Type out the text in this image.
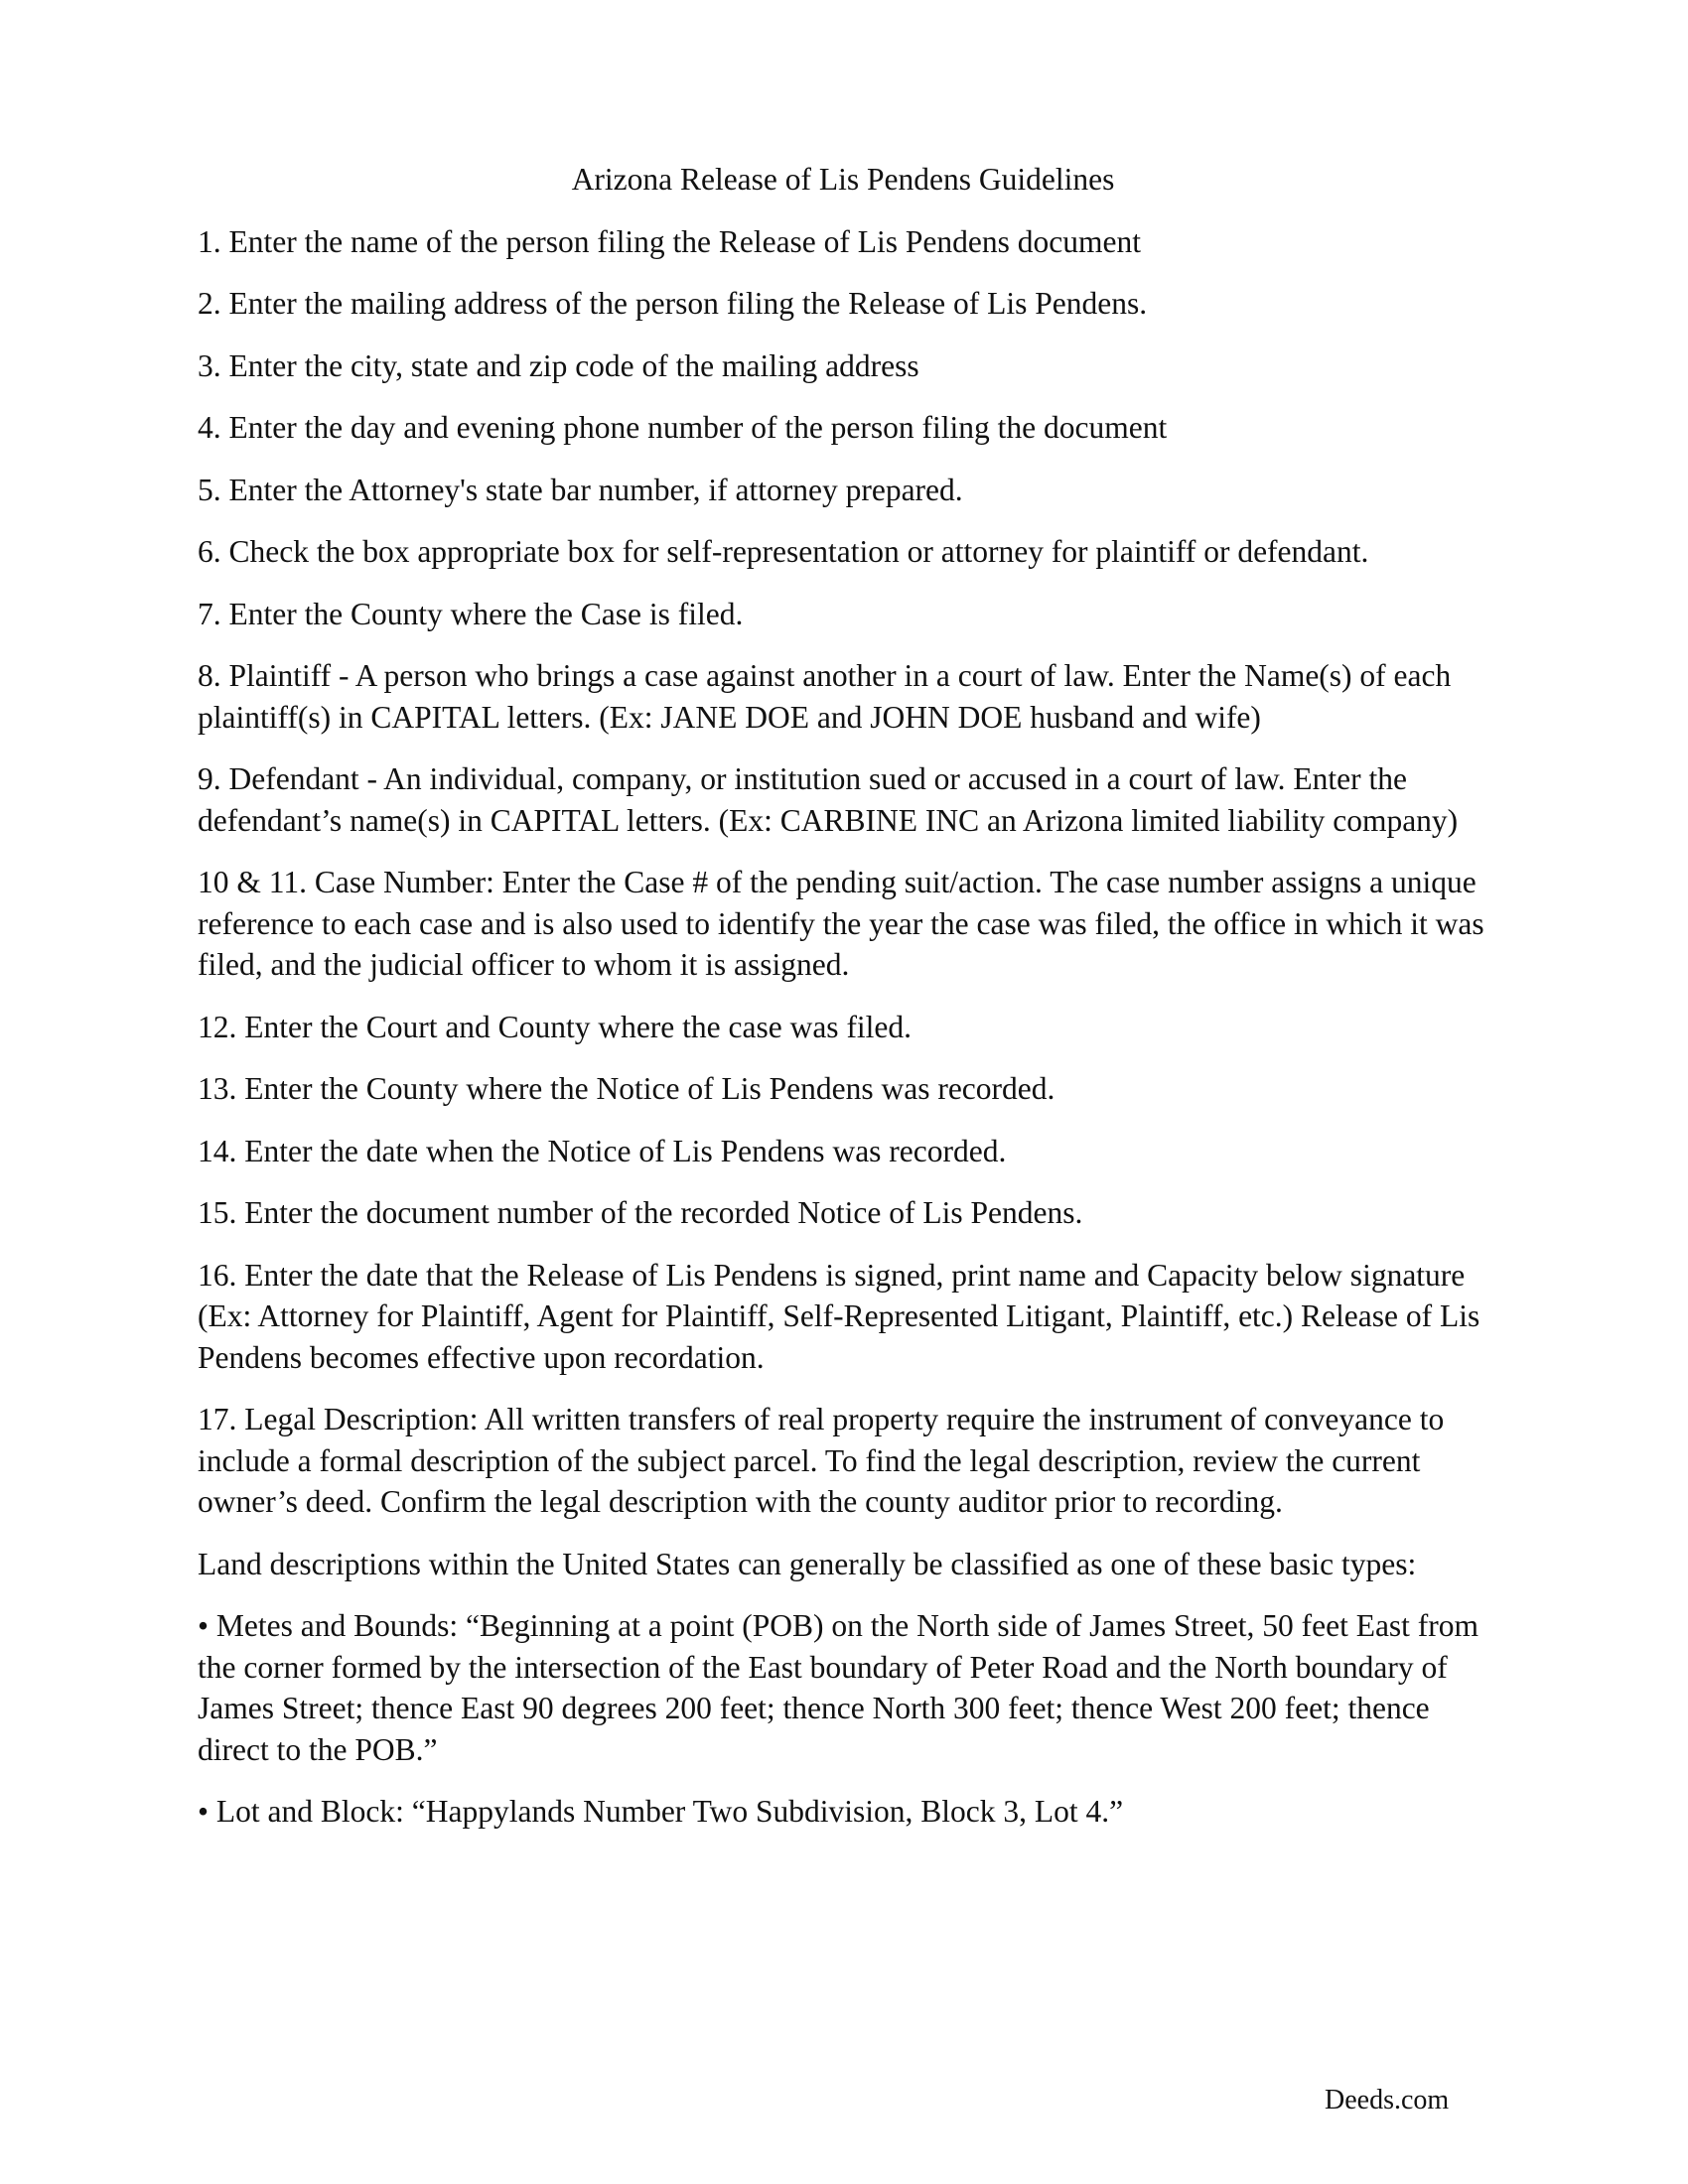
Arizona Release of Lis Pendens Guidelines
1. Enter the name of the person filing the Release of Lis Pendens document
2. Enter the mailing address of the person filing the Release of Lis Pendens.
3. Enter the city, state and zip code of the mailing address
4. Enter the day and evening phone number of the person filing the document
5. Enter the Attorney's state bar number, if attorney prepared.
6. Check the box appropriate box for self-representation or attorney for plaintiff or defendant.
7. Enter the County where the Case is filed.
8. Plaintiff - A person who brings a case against another in a court of law. Enter the Name(s) of each plaintiff(s) in CAPITAL letters. (Ex: JANE DOE and JOHN DOE husband and wife)
9. Defendant - An individual, company, or institution sued or accused in a court of law. Enter the defendant’s name(s) in CAPITAL letters. (Ex: CARBINE INC an Arizona limited liability company)
10 & 11. Case Number: Enter the Case # of the pending suit/action. The case number assigns a unique reference to each case and is also used to identify the year the case was filed, the office in which it was filed, and the judicial officer to whom it is assigned.
12. Enter the Court and County where the case was filed.
13. Enter the County where the Notice of Lis Pendens was recorded.
14. Enter the date when the Notice of Lis Pendens was recorded.
15. Enter the document number of the recorded Notice of Lis Pendens.
16. Enter the date that the Release of Lis Pendens is signed, print name and Capacity below signature (Ex: Attorney for Plaintiff, Agent for Plaintiff, Self-Represented Litigant, Plaintiff, etc.) Release of Lis Pendens becomes effective upon recordation.
17. Legal Description: All written transfers of real property require the instrument of conveyance to include a formal description of the subject parcel. To find the legal description, review the current owner’s deed. Confirm the legal description with the county auditor prior to recording.
Land descriptions within the United States can generally be classified as one of these basic types:
• Metes and Bounds: “Beginning at a point (POB) on the North side of James Street, 50 feet East from the corner formed by the intersection of the East boundary of Peter Road and the North boundary of James Street; thence East 90 degrees 200 feet; thence North 300 feet; thence West 200 feet; thence direct to the POB.”
• Lot and Block: “Happylands Number Two Subdivision, Block 3, Lot 4.”
Deeds.com
